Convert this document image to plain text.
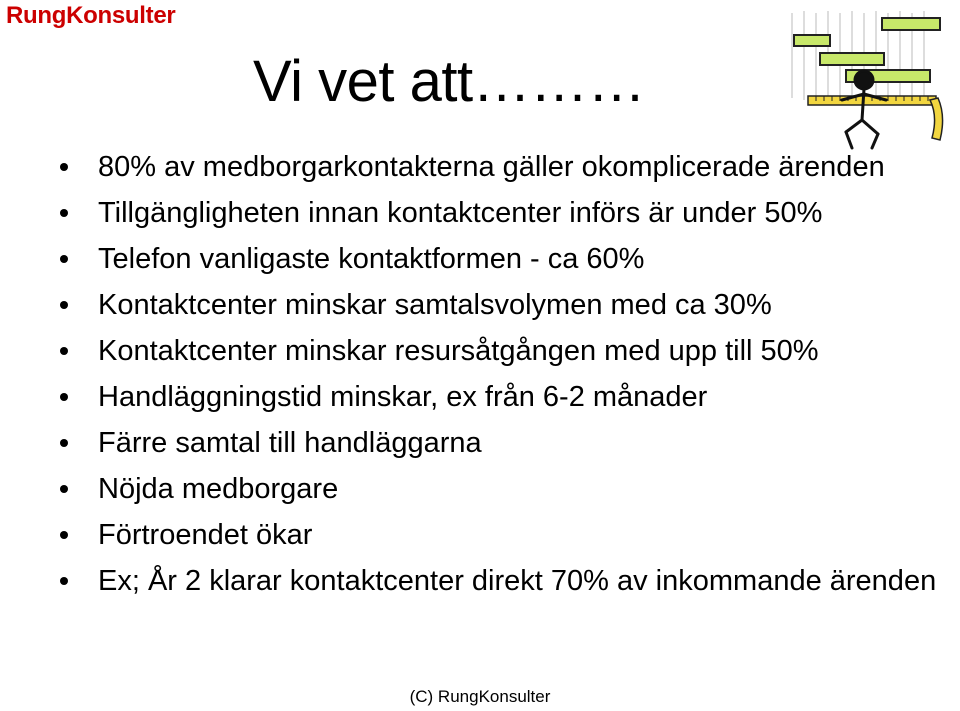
RungKonsulter
Vi vet att………
80% av medborgarkontakterna gäller okomplicerade ärenden
Tillgängligheten innan kontaktcenter införs är under 50%
Telefon vanligaste kontaktformen - ca 60%
Kontaktcenter minskar samtalsvolymen med ca 30%
Kontaktcenter minskar resursåtgången med upp till 50%
Handläggningstid minskar, ex från 6-2 månader
Färre samtal till handläggarna
Nöjda medborgare
Förtroendet ökar
Ex; År 2 klarar kontaktcenter direkt 70% av inkommande ärenden
(C) RungKonsulter
